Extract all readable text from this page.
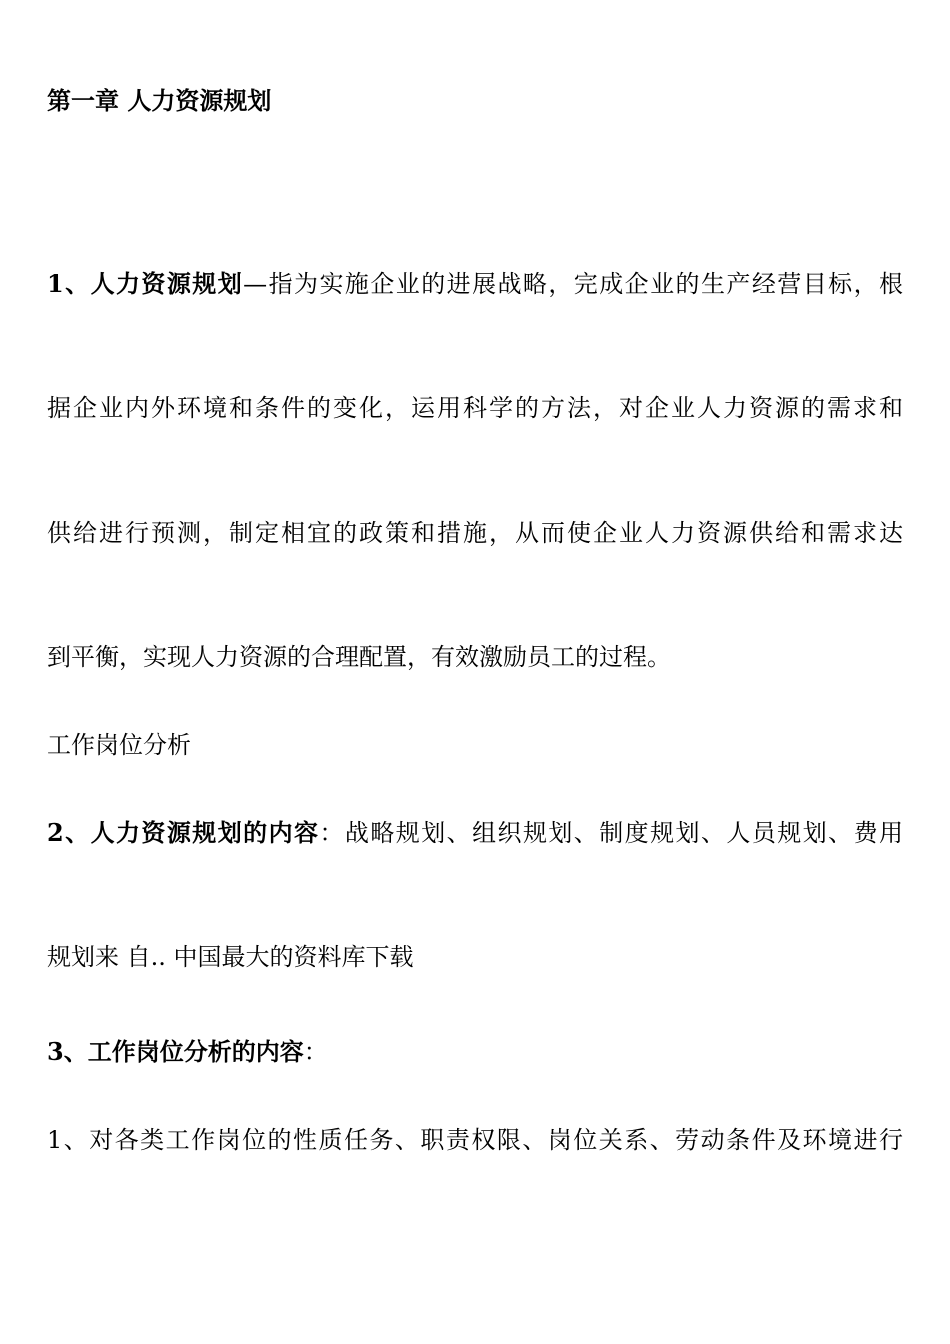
第一章 人力资源规划
1、人力资源规划—指为实施企业的进展战略，完成企业的生产经营目标，根
据企业内外环境和条件的变化，运用科学的方法，对企业人力资源的需求和
供给进行预测，制定相宜的政策和措施，从而使企业人力资源供给和需求达
到平衡，实现人力资源的合理配置，有效激励员工的过程。
工作岗位分析
2、人力资源规划的内容：战略规划、组织规划、制度规划、人员规划、费用
规划来 自.. 中国最大的资料库下载
3、工作岗位分析的内容：
1、对各类工作岗位的性质任务、职责权限、岗位关系、劳动条件及环境进行
